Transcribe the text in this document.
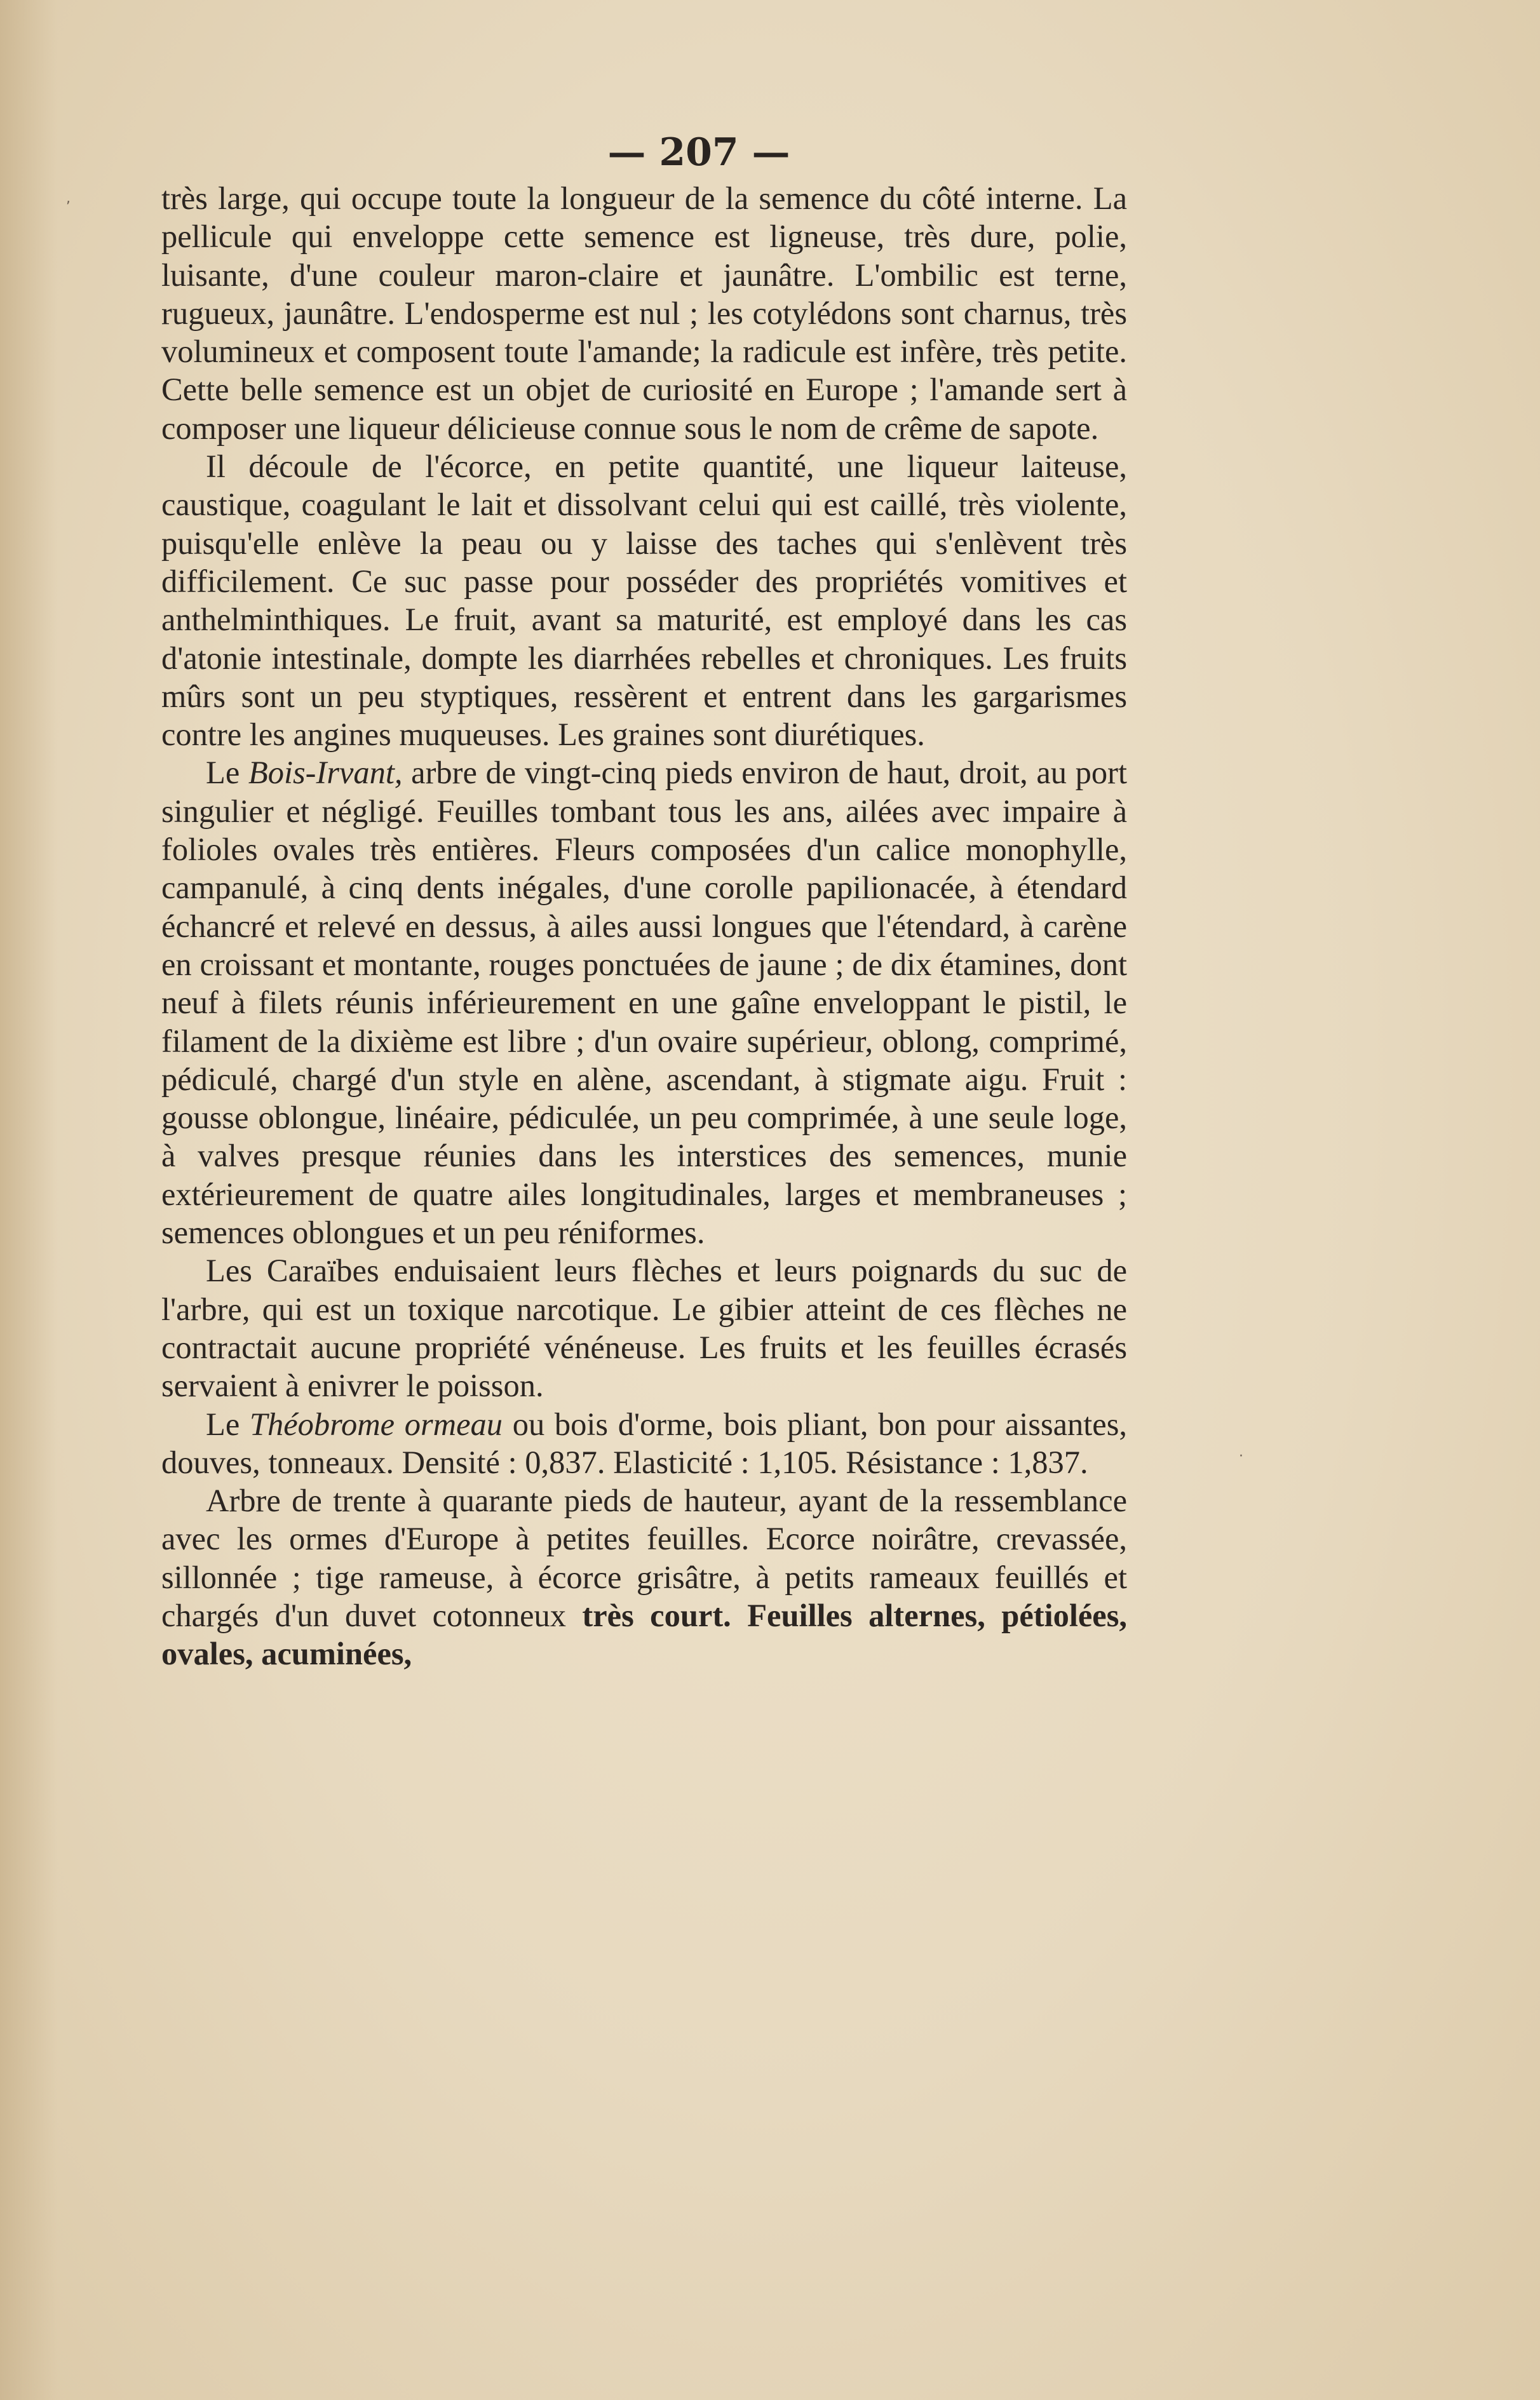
— 207 —

très large, qui occupe toute la longueur de la semence du côté interne. La pellicule qui enveloppe cette semence est ligneuse, très dure, polie, luisante, d'une couleur maron-claire et jaunâtre. L'ombilic est terne, rugueux, jaunâtre. L'endosperme est nul ; les cotylédons sont charnus, très volumineux et composent toute l'amande; la radicule est infère, très petite. Cette belle semence est un objet de curiosité en Europe ; l'amande sert à composer une liqueur délicieuse connue sous le nom de crême de sapote.

Il découle de l'écorce, en petite quantité, une liqueur laiteuse, caustique, coagulant le lait et dissolvant celui qui est caillé, très violente, puisqu'elle enlève la peau ou y laisse des taches qui s'enlèvent très difficilement. Ce suc passe pour posséder des propriétés vomitives et anthelminthiques. Le fruit, avant sa maturité, est employé dans les cas d'atonie intestinale, dompte les diarrhées rebelles et chroniques. Les fruits mûrs sont un peu styptiques, ressèrent et entrent dans les gargarismes contre les angines muqueuses. Les graines sont diurétiques.

Le Bois-Irvant, arbre de vingt-cinq pieds environ de haut, droit, au port singulier et négligé. Feuilles tombant tous les ans, ailées avec impaire à folioles ovales très entières. Fleurs composées d'un calice monophylle, campanulé, à cinq dents inégales, d'une corolle papilionacée, à étendard échancré et relevé en dessus, à ailes aussi longues que l'étendard, à carène en croissant et montante, rouges ponctuées de jaune ; de dix étamines, dont neuf à filets réunis inférieurement en une gaîne enveloppant le pistil, le filament de la dixième est libre ; d'un ovaire supérieur, oblong, comprimé, pédiculé, chargé d'un style en alène, ascendant, à stigmate aigu. Fruit : gousse oblongue, linéaire, pédiculée, un peu comprimée, à une seule loge, à valves presque réunies dans les interstices des semences, munie extérieurement de quatre ailes longitudinales, larges et membraneuses ; semences oblongues et un peu réniformes.

Les Caraïbes enduisaient leurs flèches et leurs poignards du suc de l'arbre, qui est un toxique narcotique. Le gibier atteint de ces flèches ne contractait aucune propriété vénéneuse. Les fruits et les feuilles écrasés servaient à enivrer le poisson.

Le Théobrome ormeau ou bois d'orme, bois pliant, bon pour aissantes, douves, tonneaux. Densité : 0,837. Elasticité : 1,105. Résistance : 1,837.

Arbre de trente à quarante pieds de hauteur, ayant de la ressemblance avec les ormes d'Europe à petites feuilles. Ecorce noirâtre, crevassée, sillonnée ; tige rameuse, à écorce grisâtre, à petits rameaux feuillés et chargés d'un duvet cotonneux très court. Feuilles alternes, pétiolées, ovales, acuminées,

,
·
